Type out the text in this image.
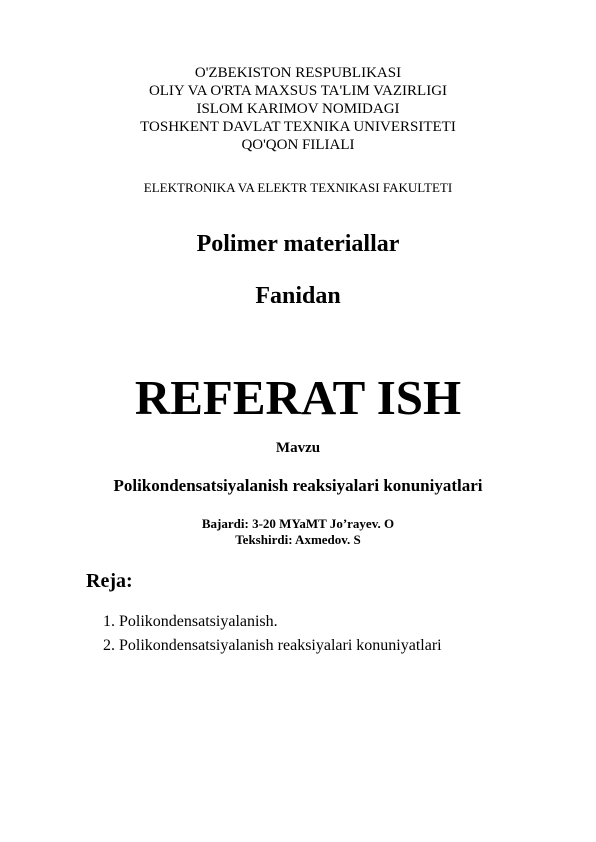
O'ZBEKISTON RESPUBLIKASI
OLIY VA O'RTA MAXSUS TA'LIM VAZIRLIGI
ISLOM KARIMOV NOMIDAGI
TOSHKENT DAVLAT TEXNIKA UNIVERSITETI
QO'QON FILIALI
ELEKTRONIKA VA ELEKTR TEXNIKASI FAKULTETI
Polimer materiallar
Fanidan
REFERAT ISH
Mavzu
Polikondensatsiyalanish reaksiyalari konuniyatlari
Bajardi: 3-20 MYaMT Jo’rayev. O
Tekshirdi: Axmedov. S
Reja:
1. Polikondensatsiyalanish.
2. Polikondensatsiyalanish reaksiyalari konuniyatlari
